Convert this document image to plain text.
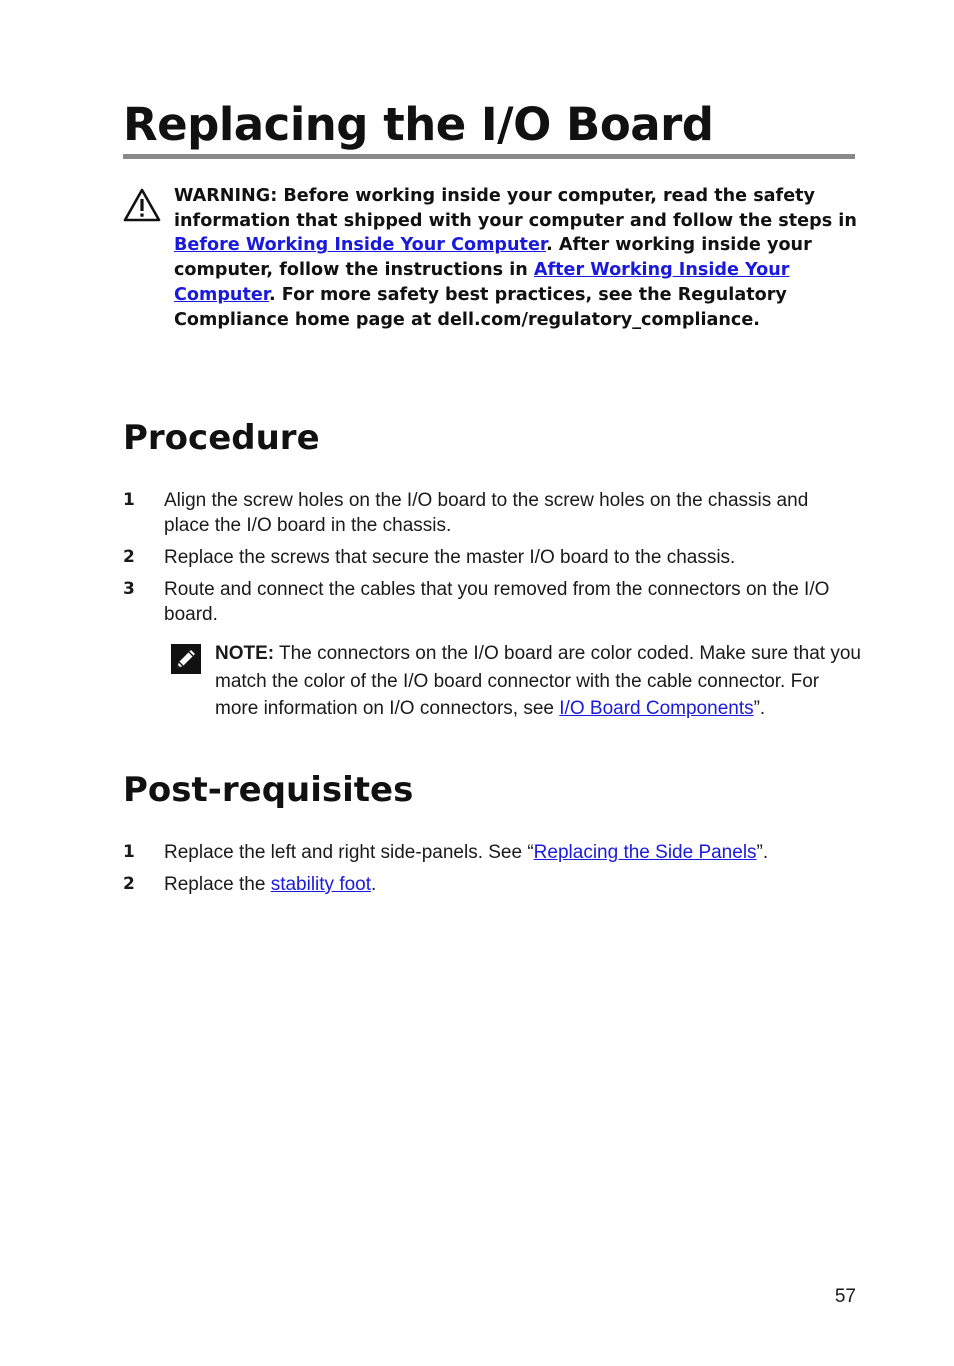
Replacing the I/O Board
WARNING: Before working inside your computer, read the safety information that shipped with your computer and follow the steps in Before Working Inside Your Computer. After working inside your computer, follow the instructions in After Working Inside Your Computer. For more safety best practices, see the Regulatory Compliance home page at dell.com/regulatory_compliance.
Procedure
1 Align the screw holes on the I/O board to the screw holes on the chassis and place the I/O board in the chassis.
2 Replace the screws that secure the master I/O board to the chassis.
3 Route and connect the cables that you removed from the connectors on the I/O board.
NOTE: The connectors on the I/O board are color coded. Make sure that you match the color of the I/O board connector with the cable connector. For more information on I/O connectors, see I/O Board Components”.
Post-requisites
1 Replace the left and right side-panels. See “Replacing the Side Panels”.
2 Replace the stability foot.
57
